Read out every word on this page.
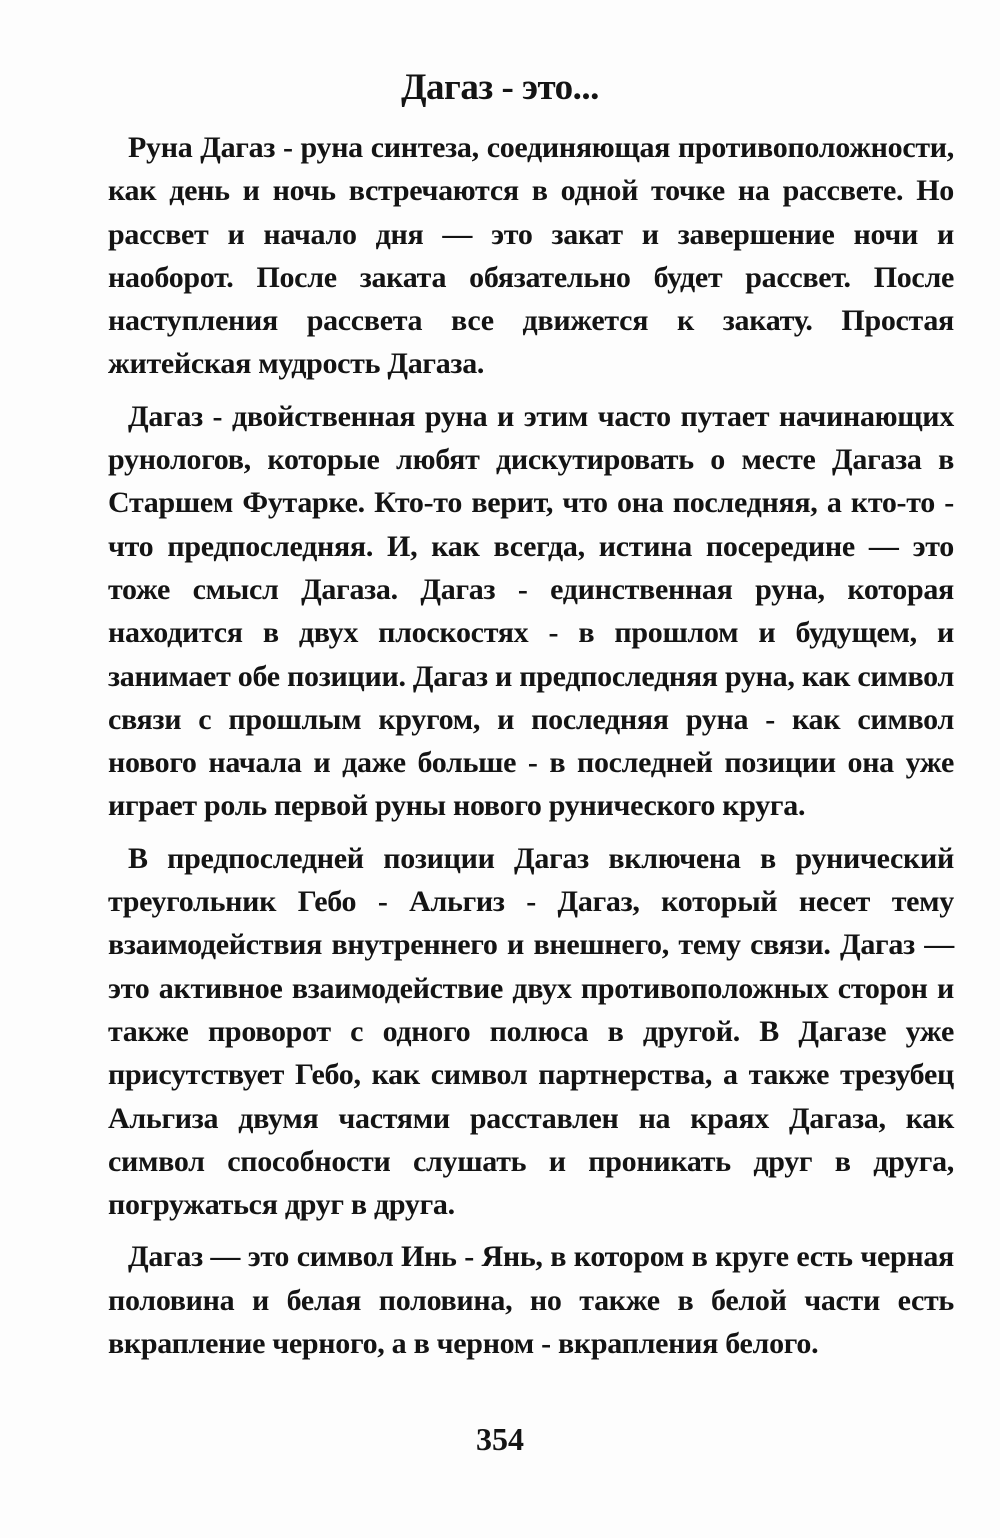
Дагаз - это...

Руна Дагаз - руна синтеза, соединяющая противоположности, как день и ночь встречаются в одной точке на рассвете. Но рассвет и начало дня — это закат и завершение ночи и наоборот. После заката обязательно будет рассвет. После наступления рассвета все движется к закату. Простая житейская мудрость Дагаза.

Дагаз - двойственная руна и этим часто путает начинающих рунологов, которые любят дискутировать о месте Дагаза в Старшем Футарке. Кто-то верит, что она последняя, а кто-то - что предпоследняя. И, как всегда, истина посередине — это тоже смысл Дагаза. Дагаз - единственная руна, которая находится в двух плоскостях - в прошлом и будущем, и занимает обе позиции. Дагаз и предпоследняя руна, как символ связи с прошлым кругом, и последняя руна - как символ нового начала и даже больше - в последней позиции она уже играет роль первой руны нового рунического круга.

В предпоследней позиции Дагаз включена в рунический треугольник Гебо - Альгиз - Дагаз, который несет тему взаимодействия внутреннего и внешнего, тему связи. Дагаз — это активное взаимодействие двух противоположных сторон и также проворот с одного полюса в другой. В Дагазе уже присутствует Гебо, как символ партнерства, а также трезубец Альгиза двумя частями расставлен на краях Дагаза, как символ способности слушать и проникать друг в друга, погружаться друг в друга.

Дагаз — это символ Инь - Янь, в котором в круге есть черная половина и белая половина, но также в белой части есть вкрапление черного, а в черном - вкрапления белого.

354
